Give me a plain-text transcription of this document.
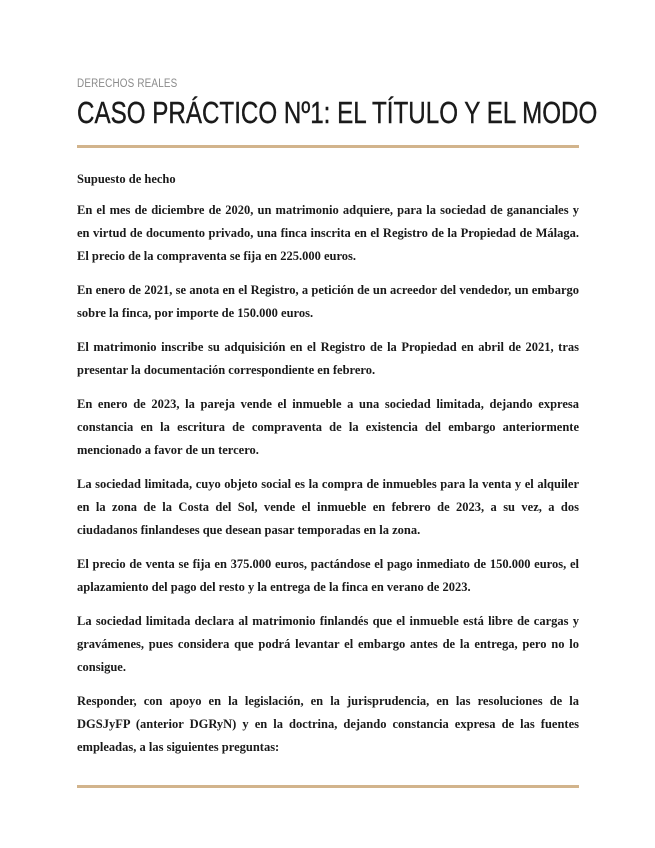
DERECHOS REALES
CASO PRÁCTICO Nº1: EL TÍTULO Y EL MODO

Supuesto de hecho

En el mes de diciembre de 2020, un matrimonio adquiere, para la sociedad de gananciales y en virtud de documento privado, una finca inscrita en el Registro de la Propiedad de Málaga. El precio de la compraventa se fija en 225.000 euros.

En enero de 2021, se anota en el Registro, a petición de un acreedor del vendedor, un embargo sobre la finca, por importe de 150.000 euros.

El matrimonio inscribe su adquisición en el Registro de la Propiedad en abril de 2021, tras presentar la documentación correspondiente en febrero.

En enero de 2023, la pareja vende el inmueble a una sociedad limitada, dejando expresa constancia en la escritura de compraventa de la existencia del embargo anteriormente mencionado a favor de un tercero.

La sociedad limitada, cuyo objeto social es la compra de inmuebles para la venta y el alquiler en la zona de la Costa del Sol, vende el inmueble en febrero de 2023, a su vez, a dos ciudadanos finlandeses que desean pasar temporadas en la zona.

El precio de venta se fija en 375.000 euros, pactándose el pago inmediato de 150.000 euros, el aplazamiento del pago del resto y la entrega de la finca en verano de 2023.

La sociedad limitada declara al matrimonio finlandés que el inmueble está libre de cargas y gravámenes, pues considera que podrá levantar el embargo antes de la entrega, pero no lo consigue.

Responder, con apoyo en la legislación, en la jurisprudencia, en las resoluciones de la DGSJyFP (anterior DGRyN) y en la doctrina, dejando constancia expresa de las fuentes empleadas, a las siguientes preguntas:
